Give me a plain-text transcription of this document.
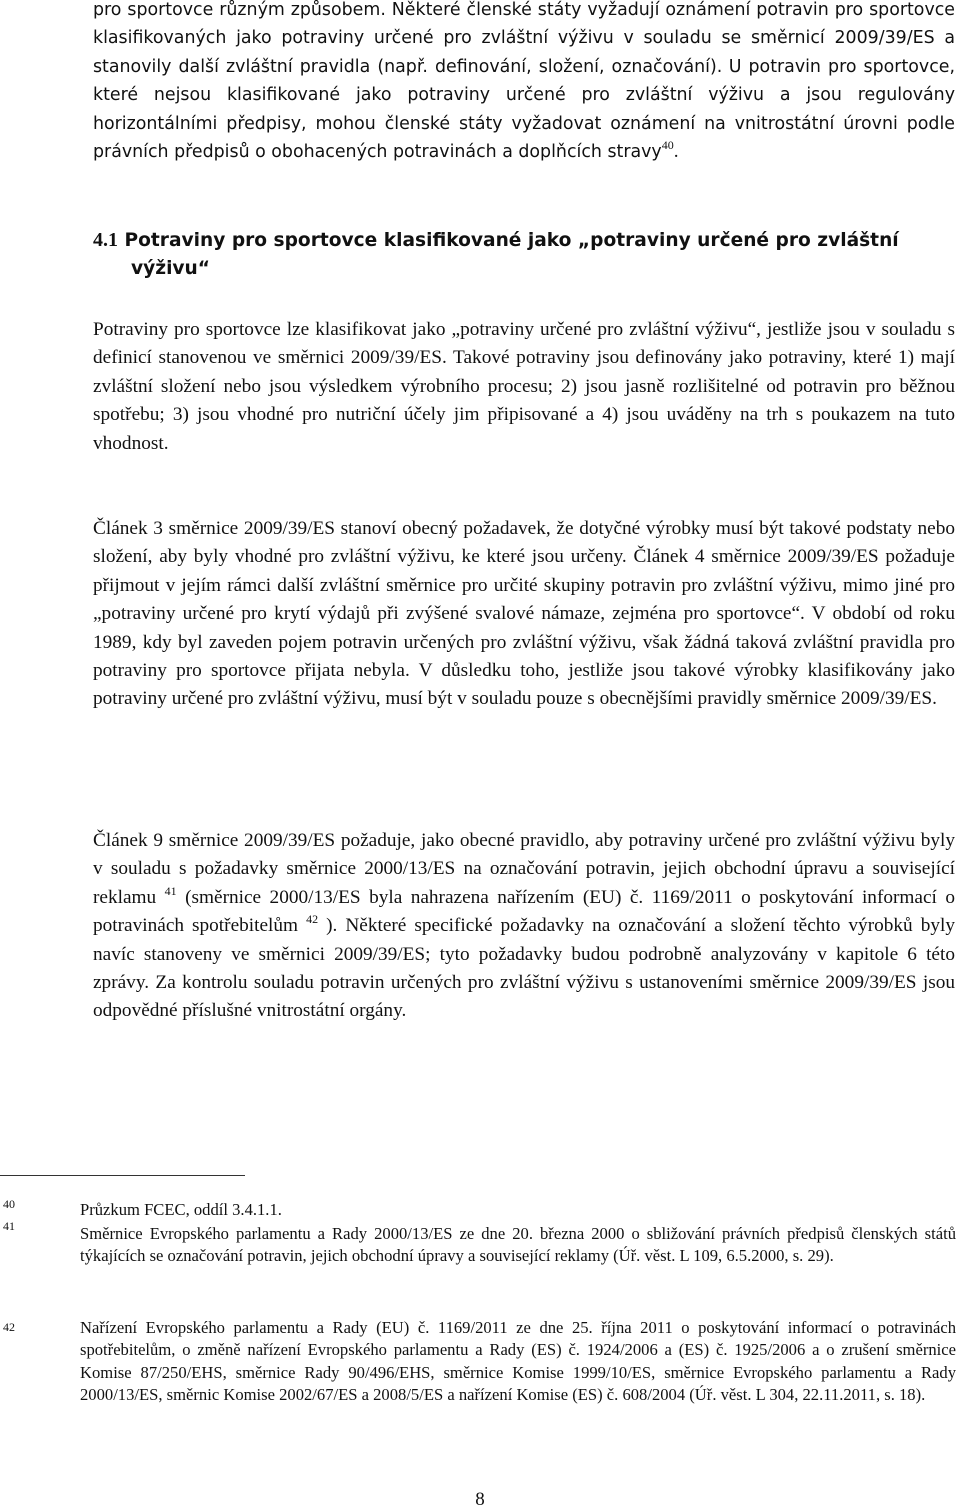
pro sportovce různým způsobem. Některé členské státy vyžadují oznámení potravin pro sportovce klasifikovaných jako potraviny určené pro zvláštní výživu v souladu se směrnicí 2009/39/ES a stanovily další zvláštní pravidla (např. definování, složení, označování). U potravin pro sportovce, které nejsou klasifikované jako potraviny určené pro zvláštní výživu a jsou regulovány horizontálními předpisy, mohou členské státy vyžadovat oznámení na vnitrostátní úrovni podle právních předpisů o obohacených potravinách a doplňcích stravy$^{40}$.

4.1 Potraviny pro sportovce klasifikované jako „potraviny určené pro zvláštní
výživu“

Potraviny pro sportovce lze klasifikovat jako „potraviny určené pro zvláštní výživu“, jestliže jsou v souladu s definicí stanovenou ve směrnici 2009/39/ES. Takové potraviny jsou definovány jako potraviny, které 1) mají zvláštní složení nebo jsou výsledkem výrobního procesu; 2) jsou jasně rozlišitelné od potravin pro běžnou spotřebu; 3) jsou vhodné pro nutriční účely jim připisované a 4) jsou uváděny na trh s poukazem na tuto vhodnost.

Článek 3 směrnice 2009/39/ES stanoví obecný požadavek, že dotyčné výrobky musí být takové podstaty nebo složení, aby byly vhodné pro zvláštní výživu, ke které jsou určeny. Článek 4 směrnice 2009/39/ES požaduje přijmout v jejím rámci další zvláštní směrnice pro určité skupiny potravin pro zvláštní výživu, mimo jiné pro „potraviny určené pro krytí výdajů při zvýšené svalové námaze, zejména pro sportovce“. V období od roku 1989, kdy byl zaveden pojem potravin určených pro zvláštní výživu, však žádná taková zvláštní pravidla pro potraviny pro sportovce přijata nebyla. V důsledku toho, jestliže jsou takové výrobky klasifikovány jako potraviny určené pro zvláštní výživu, musí být v souladu pouze s obecnějšími pravidly směrnice 2009/39/ES.

Článek 9 směrnice 2009/39/ES požaduje, jako obecné pravidlo, aby potraviny určené pro zvláštní výživu byly v souladu s požadavky směrnice 2000/13/ES na označování potravin, jejich obchodní úpravu a související reklamu $^{41}$ (směrnice 2000/13/ES byla nahrazena nařízením (EU) č. 1169/2011 o poskytování informací o potravinách spotřebitelům $^{42}$ ). Některé specifické požadavky na označování a složení těchto výrobků byly navíc stanoveny ve směrnici 2009/39/ES; tyto požadavky budou podrobně analyzovány v kapitole 6 této zprávy. Za kontrolu souladu potravin určených pro zvláštní výživu s ustanoveními směrnice 2009/39/ES jsou odpovědné příslušné vnitrostátní orgány.

40	Průzkum FCEC, oddíl 3.4.1.1.

41	Směrnice Evropského parlamentu a Rady 2000/13/ES ze dne 20. března 2000 o sbližování právních předpisů členských států týkajících se označování potravin, jejich obchodní úpravy a související reklamy (Úř. věst. L 109, 6.5.2000, s. 29).

42	Nařízení Evropského parlamentu a Rady (EU) č. 1169/2011 ze dne 25. října 2011 o poskytování informací o potravinách spotřebitelům, o změně nařízení Evropského parlamentu a Rady (ES) č. 1924/2006 a (ES) č. 1925/2006 a o zrušení směrnice Komise 87/250/EHS, směrnice Rady 90/496/EHS, směrnice Komise 1999/10/ES, směrnice Evropského parlamentu a Rady 2000/13/ES, směrnic Komise 2002/67/ES a 2008/5/ES a nařízení Komise (ES) č. 608/2004 (Úř. věst. L 304, 22.11.2011, s. 18).

8
